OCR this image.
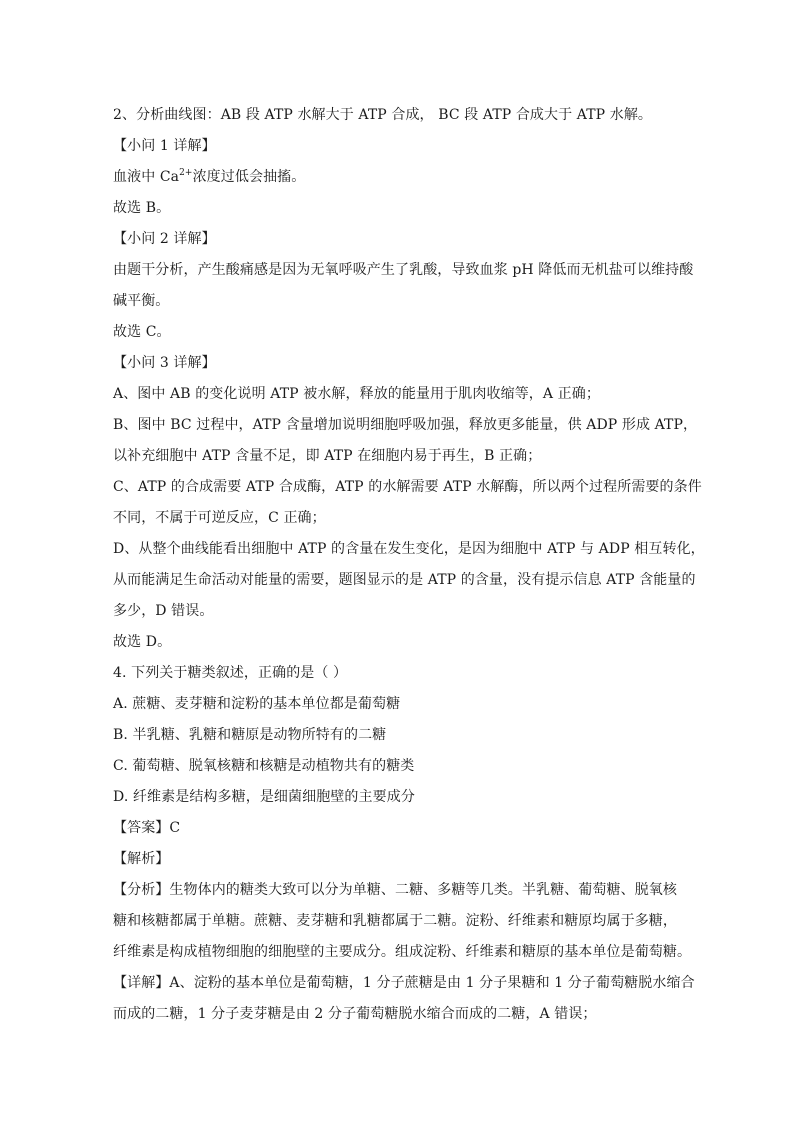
2、分析曲线图：AB 段 ATP 水解大于 ATP 合成， BC 段 ATP 合成大于 ATP 水解。
【小问 1 详解】
血液中 $Ca^{2+}$浓度过低会抽搐。
故选 B。
【小问 2 详解】
由题干分析，产生酸痛感是因为无氧呼吸产生了乳酸，导致血浆 pH 降低而无机盐可以维持酸
碱平衡。
故选 C。
【小问 3 详解】
A、图中 AB 的变化说明 ATP 被水解，释放的能量用于肌肉收缩等，A 正确；
B、图中 BC 过程中，ATP 含量增加说明细胞呼吸加强，释放更多能量，供 ADP 形成 ATP，
以补充细胞中 ATP 含量不足，即 ATP 在细胞内易于再生，B 正确；
C、ATP 的合成需要 ATP 合成酶，ATP 的水解需要 ATP 水解酶，所以两个过程所需要的条件
不同，不属于可逆反应，C 正确；
D、从整个曲线能看出细胞中 ATP 的含量在发生变化，是因为细胞中 ATP 与 ADP 相互转化，
从而能满足生命活动对能量的需要，题图显示的是 ATP 的含量，没有提示信息 ATP 含能量的
多少，D 错误。
故选 D。
4. 下列关于糖类叙述，正确的是（ ）
A. 蔗糖、麦芽糖和淀粉的基本单位都是葡萄糖
B. 半乳糖、乳糖和糖原是动物所特有的二糖
C. 葡萄糖、脱氧核糖和核糖是动植物共有的糖类
D. 纤维素是结构多糖，是细菌细胞壁的主要成分
【答案】C
【解析】
【分析】生物体内的糖类大致可以分为单糖、二糖、多糖等几类。半乳糖、葡萄糖、脱氧核
糖和核糖都属于单糖。蔗糖、麦芽糖和乳糖都属于二糖。淀粉、纤维素和糖原均属于多糖，
纤维素是构成植物细胞的细胞壁的主要成分。组成淀粉、纤维素和糖原的基本单位是葡萄糖。
【详解】A、淀粉的基本单位是葡萄糖，1 分子蔗糖是由 1 分子果糖和 1 分子葡萄糖脱水缩合
而成的二糖，1 分子麦芽糖是由 2 分子葡萄糖脱水缩合而成的二糖，A 错误；
